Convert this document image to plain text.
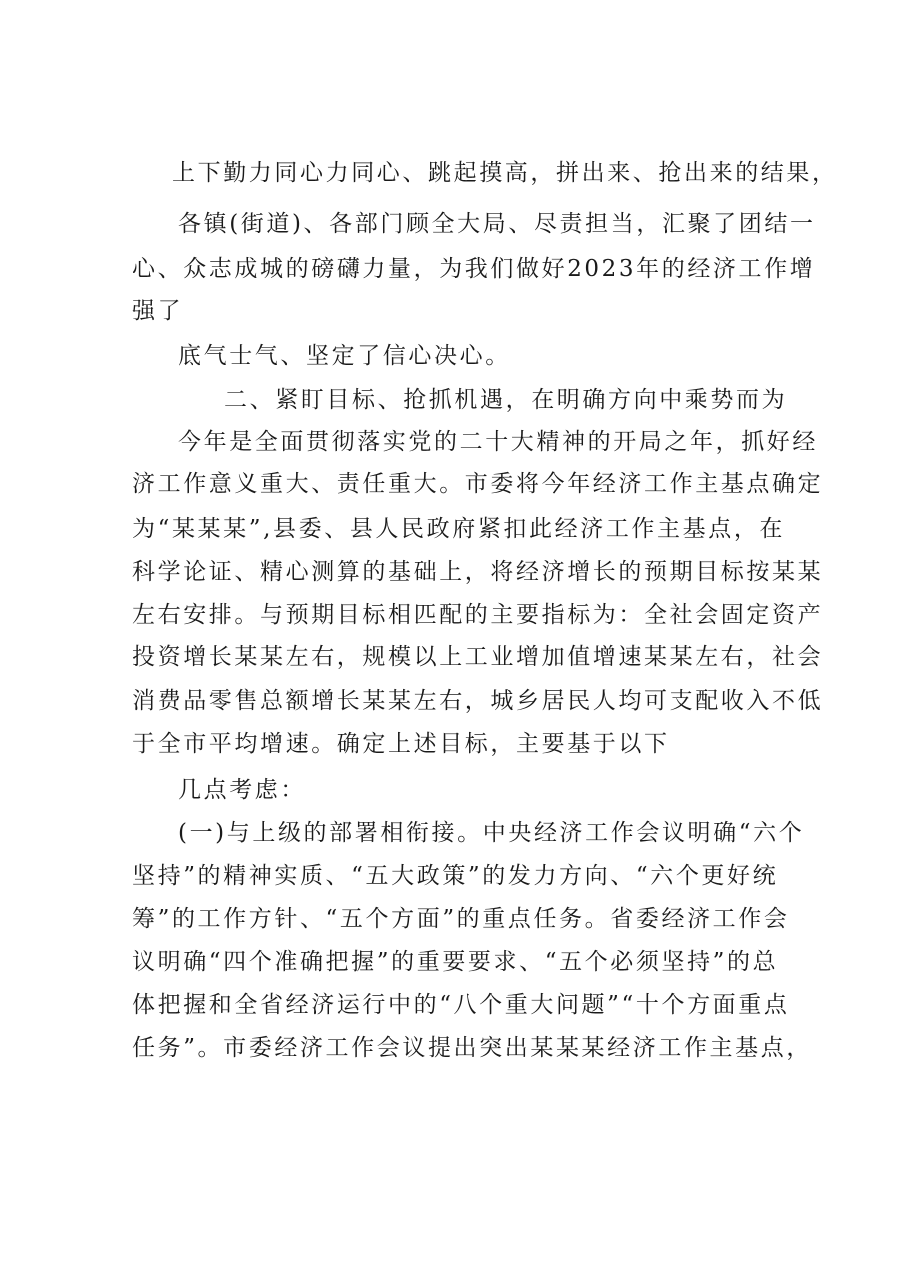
上下勤力同心力同心、跳起摸高，拼出来、抢出来的结果，

各镇(街道)、各部门顾全大局、尽责担当，汇聚了团结一

心、众志成城的磅礴力量，为我们做好2023年的经济工作增

强了

底气士气、坚定了信心决心。

二、紧盯目标、抢抓机遇，在明确方向中乘势而为

今年是全面贯彻落实党的二十大精神的开局之年，抓好经

济工作意义重大、责任重大。市委将今年经济工作主基点确定

为“某某某”,县委、县人民政府紧扣此经济工作主基点，在

科学论证、精心测算的基础上，将经济增长的预期目标按某某

左右安排。与预期目标相匹配的主要指标为：全社会固定资产

投资增长某某左右，规模以上工业增加值增速某某左右，社会

消费品零售总额增长某某左右，城乡居民人均可支配收入不低

于全市平均增速。确定上述目标，主要基于以下

几点考虑：

(一)与上级的部署相衔接。中央经济工作会议明确“六个

坚持”的精神实质、“五大政策”的发力方向、“六个更好统

筹”的工作方针、“五个方面”的重点任务。省委经济工作会

议明确“四个准确把握”的重要要求、“五个必须坚持”的总

体把握和全省经济运行中的“八个重大问题”“十个方面重点

任务”。市委经济工作会议提出突出某某某经济工作主基点，
